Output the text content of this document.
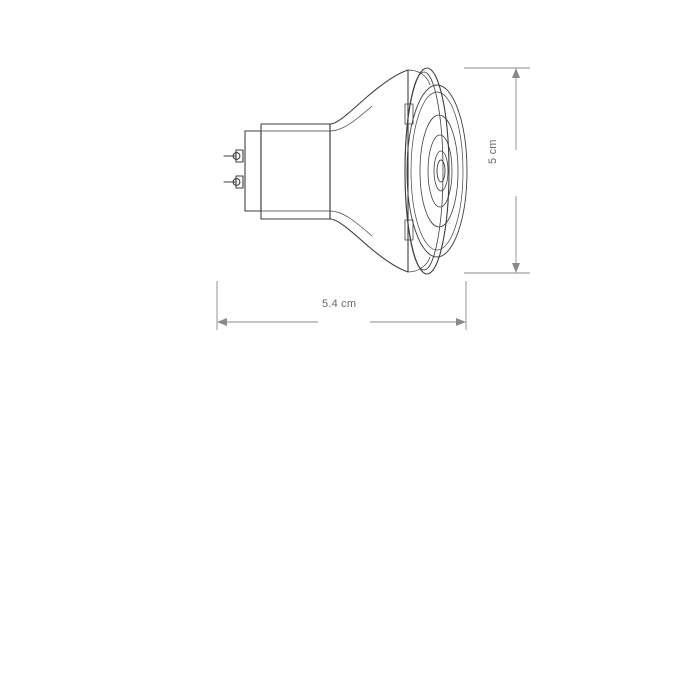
5.4 cm
5 cm
